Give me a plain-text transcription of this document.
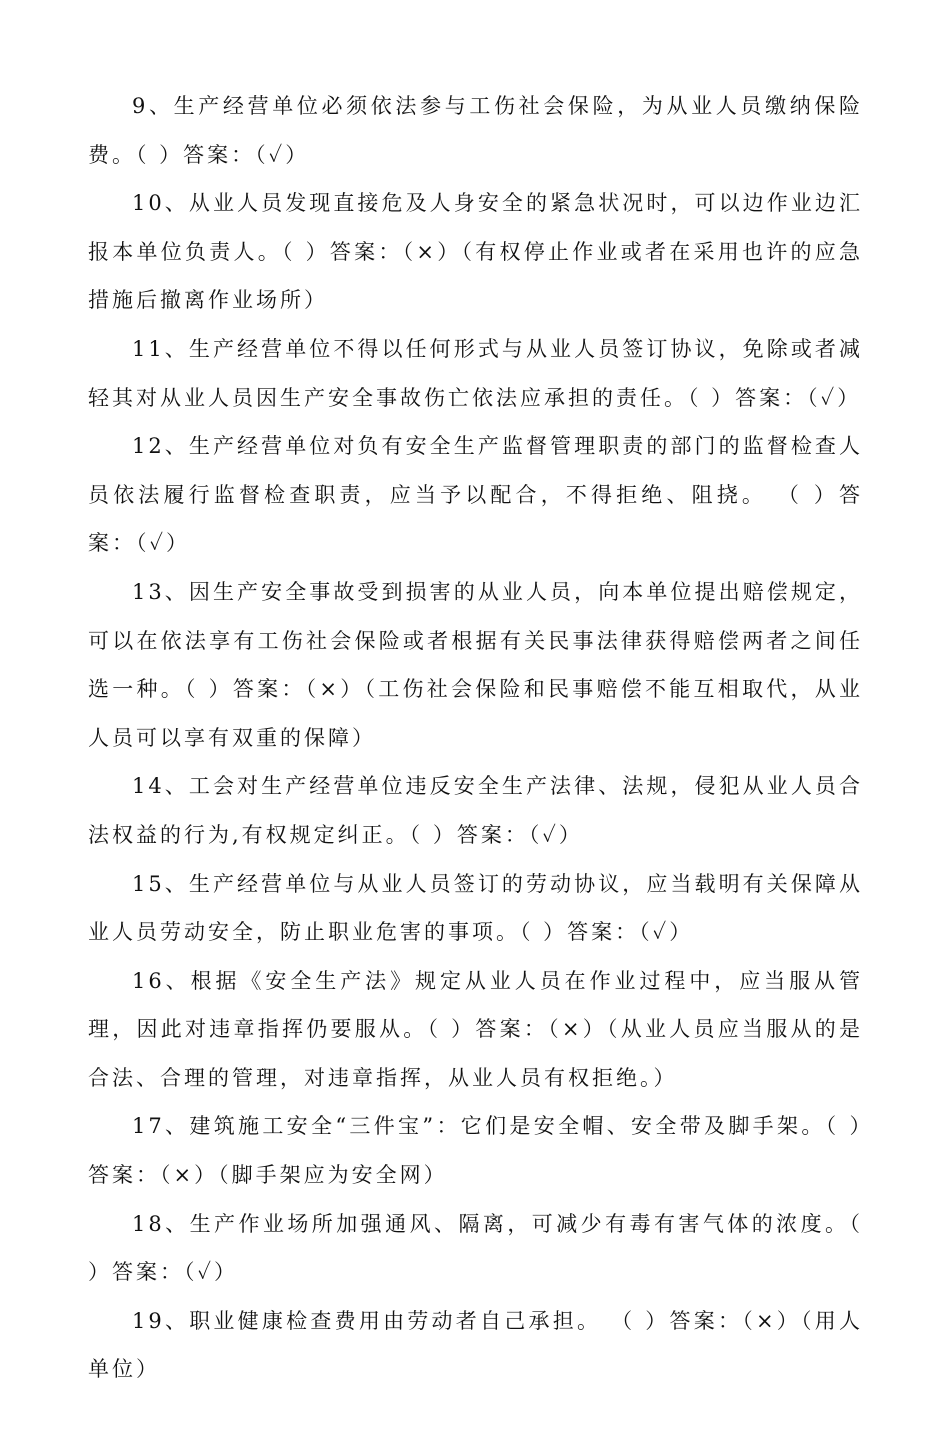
9、生产经营单位必须依法参与工伤社会保险，为从业人员缴纳保险费。（ ）答案：（✓）

10、从业人员发现直接危及人身安全的紧急状况时，可以边作业边汇报本单位负责人。（ ）答案：（×）（有权停止作业或者在采用也许的应急措施后撤离作业场所）

11、生产经营单位不得以任何形式与从业人员签订协议，免除或者减轻其对从业人员因生产安全事故伤亡依法应承担的责任。（ ）答案：（✓）

12、生产经营单位对负有安全生产监督管理职责的部门的监督检查人员依法履行监督检查职责，应当予以配合，不得拒绝、阻挠。 （ ）答案：（✓）

13、因生产安全事故受到损害的从业人员，向本单位提出赔偿规定，可以在依法享有工伤社会保险或者根据有关民事法律获得赔偿两者之间任选一种。（ ）答案：（×）（工伤社会保险和民事赔偿不能互相取代，从业人员可以享有双重的保障）

14、工会对生产经营单位违反安全生产法律、法规，侵犯从业人员合法权益的行为,有权规定纠正。（ ）答案：（✓）

15、生产经营单位与从业人员签订的劳动协议，应当载明有关保障从业人员劳动安全，防止职业危害的事项。（ ）答案：（✓）

16、根据《安全生产法》规定从业人员在作业过程中，应当服从管理，因此对违章指挥仍要服从。（ ）答案：（×）（从业人员应当服从的是合法、合理的管理，对违章指挥，从业人员有权拒绝。）

17、建筑施工安全“三件宝”：它们是安全帽、安全带及脚手架。（ ）答案：（×）（脚手架应为安全网）

18、生产作业场所加强通风、隔离，可减少有毒有害气体的浓度。（ ）答案：（✓）

19、职业健康检查费用由劳动者自己承担。 （ ）答案：（×）（用人单位）
